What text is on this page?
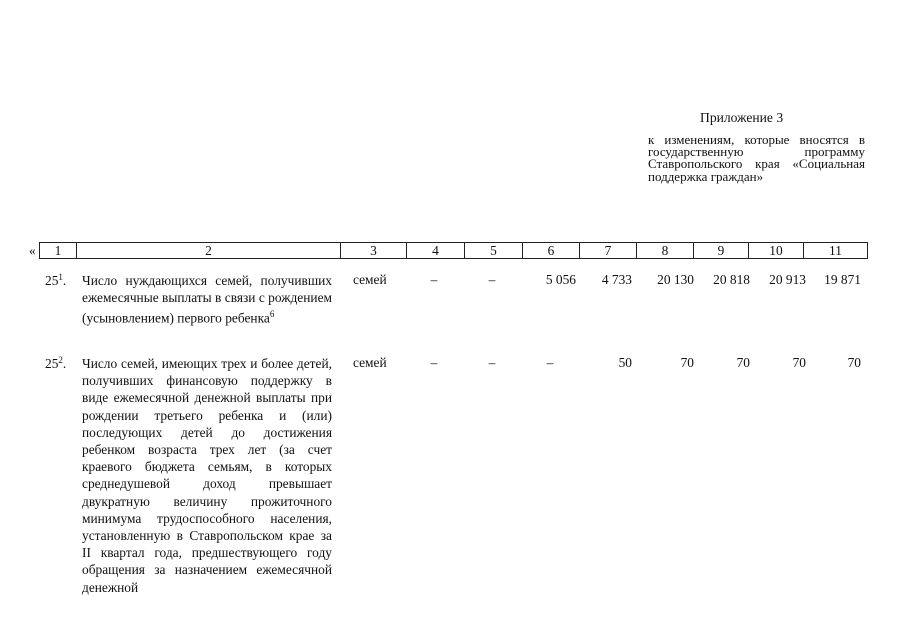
Приложение 3
к изменениям, которые вносятся в государственную программу Ставропольского края «Социальная поддержка граждан»
« 1	2	3	4	5	6	7	8	9	10	11
$25^1$. Число нуждающихся семей, получивших ежемесячные выплаты в связи с рождением (усыновлением) первого ребенка$^6$
семей	–	–	5 056	4 733	20 130	20 818	20 913	19 871
$25^2$. Число семей, имеющих трех и более детей, получивших финансовую поддержку в виде ежемесячной денежной выплаты при рождении третьего ребенка и (или) последующих детей до достижения ребенком возраста трех лет (за счет краевого бюджета семьям, в которых среднедушевой доход превышает двукратную величину прожиточного минимума трудоспособного населения, установленную в Ставропольском крае за II квартал года, предшествующего году обращения за назначением ежемесячной денежной
семей	–	–	–	50	70	70	70	70
